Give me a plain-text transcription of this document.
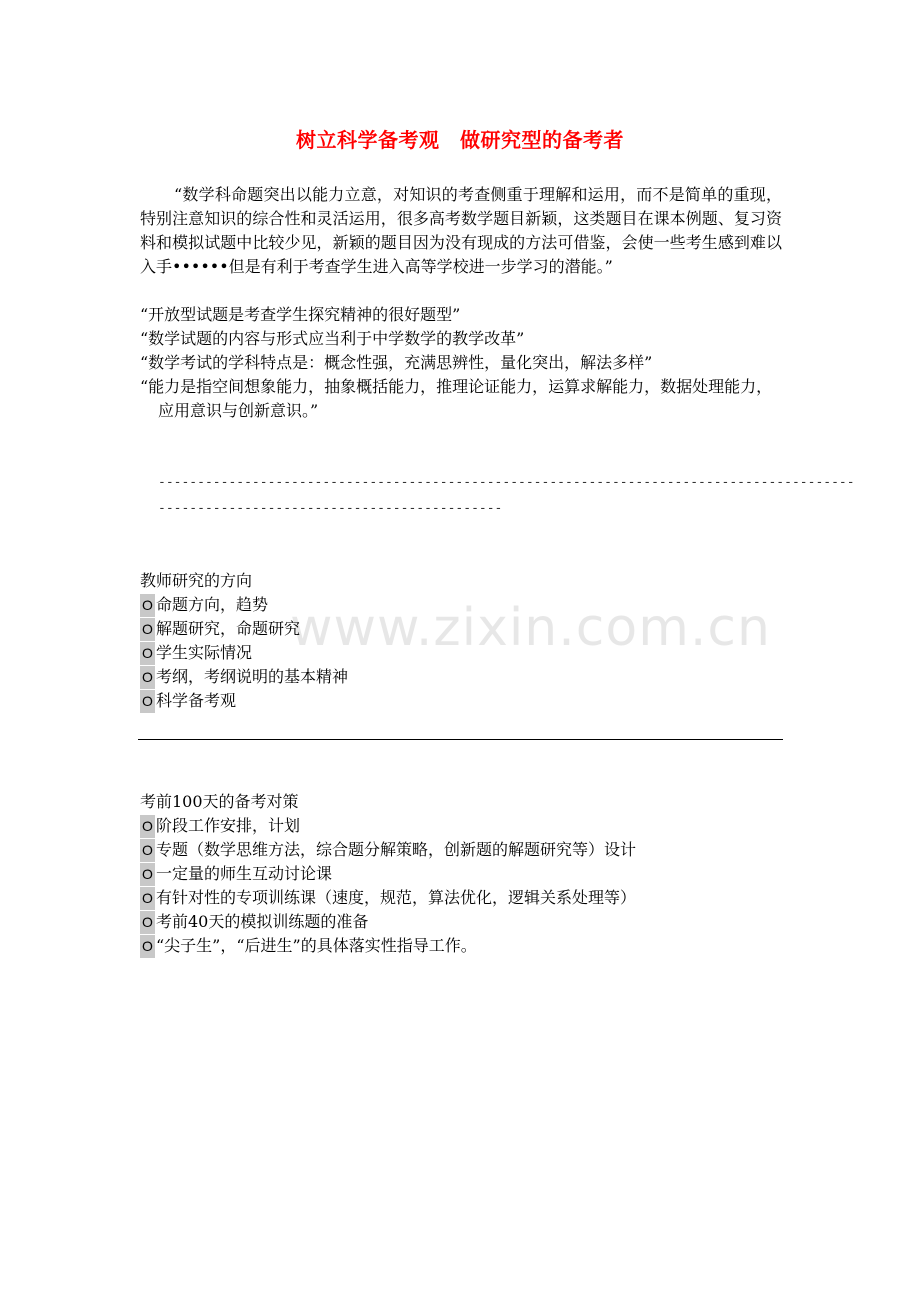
树立科学备考观　做研究型的备考者

“数学科命题突出以能力立意，对知识的考查侧重于理解和运用，而不是简单的重现，特别注意知识的综合性和灵活运用，很多高考数学题目新颖，这类题目在课本例题、复习资料和模拟试题中比较少见，新颖的题目因为没有现成的方法可借鉴，会使一些考生感到难以入手••••••但是有利于考查学生进入高等学校进一步学习的潜能。”

“开放型试题是考查学生探究精神的很好题型”
“数学试题的内容与形式应当利于中学数学的教学改革”
“数学考试的学科特点是：概念性强，充满思辨性，量化突出，解法多样”
“能力是指空间想象能力，抽象概括能力，推理论证能力，运算求解能力，数据处理能力，应用意识与创新意识。”
-----------------------------------------------------------------------------------------
--------------------------------------------
www.zixin.com.cn
教师研究的方向
O 命题方向，趋势
O 解题研究，命题研究
O 学生实际情况
O 考纲，考纲说明的基本精神
O 科学备考观
考前100天的备考对策
O 阶段工作安排，计划
O 专题（数学思维方法，综合题分解策略，创新题的解题研究等）设计
O 一定量的师生互动讨论课
O 有针对性的专项训练课（速度，规范，算法优化，逻辑关系处理等）
O 考前40天的模拟训练题的准备
O “尖子生”，“后进生”的具体落实性指导工作。
